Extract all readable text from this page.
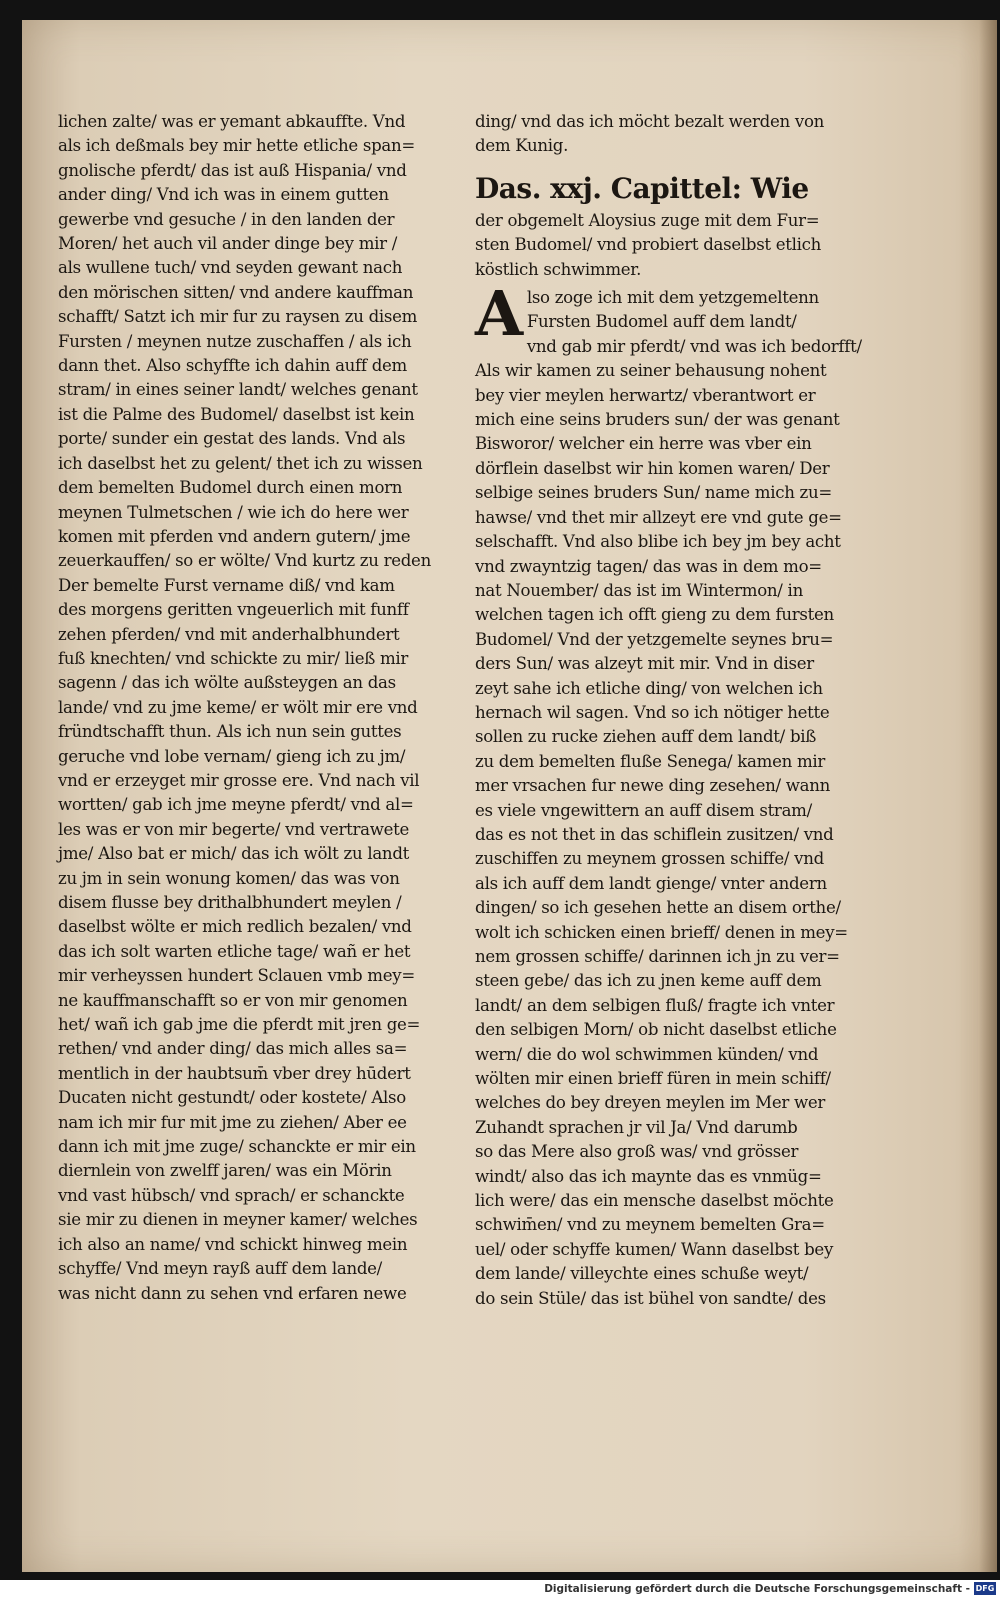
lichen zalte/ was er yemant abkauffte. Vnd
als ich deßmals bey mir hette etliche span=
gnolische pferdt/ das ist auß Hispania/ vnd
ander ding/ Vnd ich was in einem gutten
gewerbe vnd gesuche / in den landen der
Moren/ het auch vil ander dinge bey mir /
als wullene tuch/ vnd seyden gewant nach
den mörischen sitten/ vnd andere kauffman
schafft/ Satzt ich mir fur zu raysen zu disem
Fursten / meynen nutze zuschaffen / als ich
dann thet. Also schyffte ich dahin auff dem
stram/ in eines seiner landt/ welches genant
ist die Palme des Budomel/ daselbst ist kein
porte/ sunder ein gestat des lands. Vnd als
ich daselbst het zu gelent/ thet ich zu wissen
dem bemelten Budomel durch einen morn
meynen Tulmetschen / wie ich do here wer
komen mit pferden vnd andern gutern/ jme
zeuerkauffen/ so er wölte/ Vnd kurtz zu reden
Der bemelte Furst vername diß/ vnd kam
des morgens geritten vngeuerlich mit funff
zehen pferden/ vnd mit anderhalbhundert
fuß knechten/ vnd schickte zu mir/ ließ mir
sagenn / das ich wölte außsteygen an das
lande/ vnd zu jme keme/ er wölt mir ere vnd
fründtschafft thun. Als ich nun sein guttes
geruche vnd lobe vernam/ gieng ich zu jm/
vnd er erzeyget mir grosse ere. Vnd nach vil
wortten/ gab ich jme meyne pferdt/ vnd al=
les was er von mir begerte/ vnd vertrawete
jme/ Also bat er mich/ das ich wölt zu landt
zu jm in sein wonung komen/ das was von
disem flusse bey drithalbhundert meylen /
daselbst wölte er mich redlich bezalen/ vnd
das ich solt warten etliche tage/ wañ er het
mir verheyssen hundert Sclauen vmb mey=
ne kauffmanschafft so er von mir genomen
het/ wañ ich gab jme die pferdt mit jren ge=
rethen/ vnd ander ding/ das mich alles sa=
mentlich in der haubtsum̄ vber drey hūdert
Ducaten nicht gestundt/ oder kostete/ Also
nam ich mir fur mit jme zu ziehen/ Aber ee
dann ich mit jme zuge/ schanckte er mir ein
diernlein von zwelff jaren/ was ein Mörin
vnd vast hübsch/ vnd sprach/ er schanckte
sie mir zu dienen in meyner kamer/ welches
ich also an name/ vnd schickt hinweg mein
schyffe/ Vnd meyn rayß auff dem lande/
was nicht dann zu sehen vnd erfaren newe
ding/ vnd das ich möcht bezalt werden von
dem Kunig.
Das. xxj. Capittel: Wie
der obgemelt Aloysius zuge mit dem Fur=
sten Budomel/ vnd probiert daselbst etlich
köstlich schwimmer.
A lso zoge ich mit dem yetzgemeltenn
Fursten Budomel auff dem landt/
vnd gab mir pferdt/ vnd was ich bedorfft/
Als wir kamen zu seiner behausung nohent
bey vier meylen herwartz/ vberantwort er
mich eine seins bruders sun/ der was genant
Bisworor/ welcher ein herre was vber ein
dörflein daselbst wir hin komen waren/ Der
selbige seines bruders Sun/ name mich zu=
hawse/ vnd thet mir allzeyt ere vnd gute ge=
selschafft. Vnd also blibe ich bey jm bey acht
vnd zwayntzig tagen/ das was in dem mo=
nat Nouember/ das ist im Wintermon/ in
welchen tagen ich offt gieng zu dem fursten
Budomel/ Vnd der yetzgemelte seynes bru=
ders Sun/ was alzeyt mit mir. Vnd in diser
zeyt sahe ich etliche ding/ von welchen ich
hernach wil sagen. Vnd so ich nötiger hette
sollen zu rucke ziehen auff dem landt/ biß
zu dem bemelten fluße Senega/ kamen mir
mer vrsachen fur newe ding zesehen/ wann
es viele vngewittern an auff disem stram/
das es not thet in das schiflein zusitzen/ vnd
zuschiffen zu meynem grossen schiffe/ vnd
als ich auff dem landt gienge/ vnter andern
dingen/ so ich gesehen hette an disem orthe/
wolt ich schicken einen brieff/ denen in mey=
nem grossen schiffe/ darinnen ich jn zu ver=
steen gebe/ das ich zu jnen keme auff dem
landt/ an dem selbigen fluß/ fragte ich vnter
den selbigen Morn/ ob nicht daselbst etliche
wern/ die do wol schwimmen künden/ vnd
wölten mir einen brieff füren in mein schiff/
welches do bey dreyen meylen im Mer wer
Zuhandt sprachen jr vil Ja/ Vnd darumb
so das Mere also groß was/ vnd grösser
windt/ also das ich maynte das es vnmüg=
lich were/ das ein mensche daselbst möchte
schwim̄en/ vnd zu meynem bemelten Gra=
uel/ oder schyffe kumen/ Wann daselbst bey
dem lande/ villeychte eines schuße weyt/
do sein Stüle/ das ist bühel von sandte/ des
Digitalisierung gefördert durch die Deutsche Forschungsgemeinschaft - DFG
